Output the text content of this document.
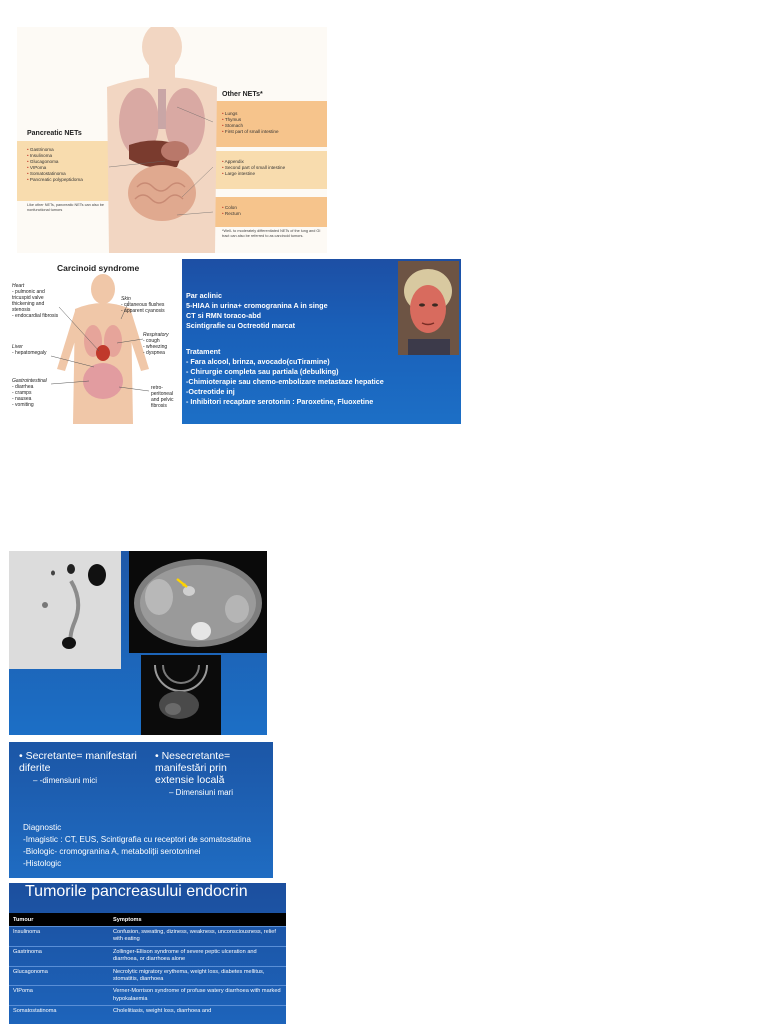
Other NETs*
Pancreatic NETs
• Gastrinoma
• Insulinoma
• Glucagonoma
• VIPoma
• Somatostatinoma
• Pancreatic polypeptidoma
Like other NETs, pancreatic NETs can also be nonfunctional tumors
• Lungs
• Thymus
• Stomach
• First part of small intestine
• Appendix
• Second part of small intestine
• Large intestine
• Colon
• Rectum
*Well- to moderately differentiated NETs of the lung and GI tract can also be referred to as carcinoid tumors.
Carcinoid syndrome
Heart
- pulmonic and
tricuspid valve
thickening and
stenosis
- endocardial fibrosis
Liver
- hepatomegaly
Gastrointestinal
- diarrhea
- cramps
- nausea
- vomiting
Skin
- cutaneous flushes
- apparent cyanosis
Respiratory
- cough
- wheezing
- dyspnea
retro-
peritoneal
and pelvic
fibrosis
Par aclinic
5-HIAA in urina+ cromogranina A in singe
CT si RMN toraco-abd
Scintigrafie cu Octreotid marcat
Tratament
- Fara alcool, brinza, avocado(cuTiramine)
- Chirurgie completa sau partiala (debulking)
-Chimioterapie sau chemo-embolizare metastaze hepatice
-Octreotide inj
- Inhibitori recaptare serotonin : Paroxetine, Fluoxetine
• Secretante= manifestari diferite
– -dimensiuni mici
• Nesecretante= manifestări prin extensie locală
– Dimensiuni mari
Diagnostic
-Imagistic : CT, EUS, Scintigrafia cu receptori de somatostatina
-Biologic- cromogranina A, metaboliții serotoninei
-Histologic
Tumorile pancreasului endocrin
Tumour	Symptoms
Insulinoma	Confusion, sweating, diziness, weakness, unconsciousness, relief with eating
Gastrinoma	Zollinger-Ellison syndrome of severe peptic ulceration and diarrhoea, or diarrhoea alone
Glucagonoma	Necrolytic migratory erythema, weight loss, diabetes mellitus, stomatitis, diarrhoea
VIPoma	Verner-Morrison syndrome of profuse watery diarrhoea with marked hypokalaemia
Somatostatinoma	Cholelitiasis, weight loss, diarrhoea and
